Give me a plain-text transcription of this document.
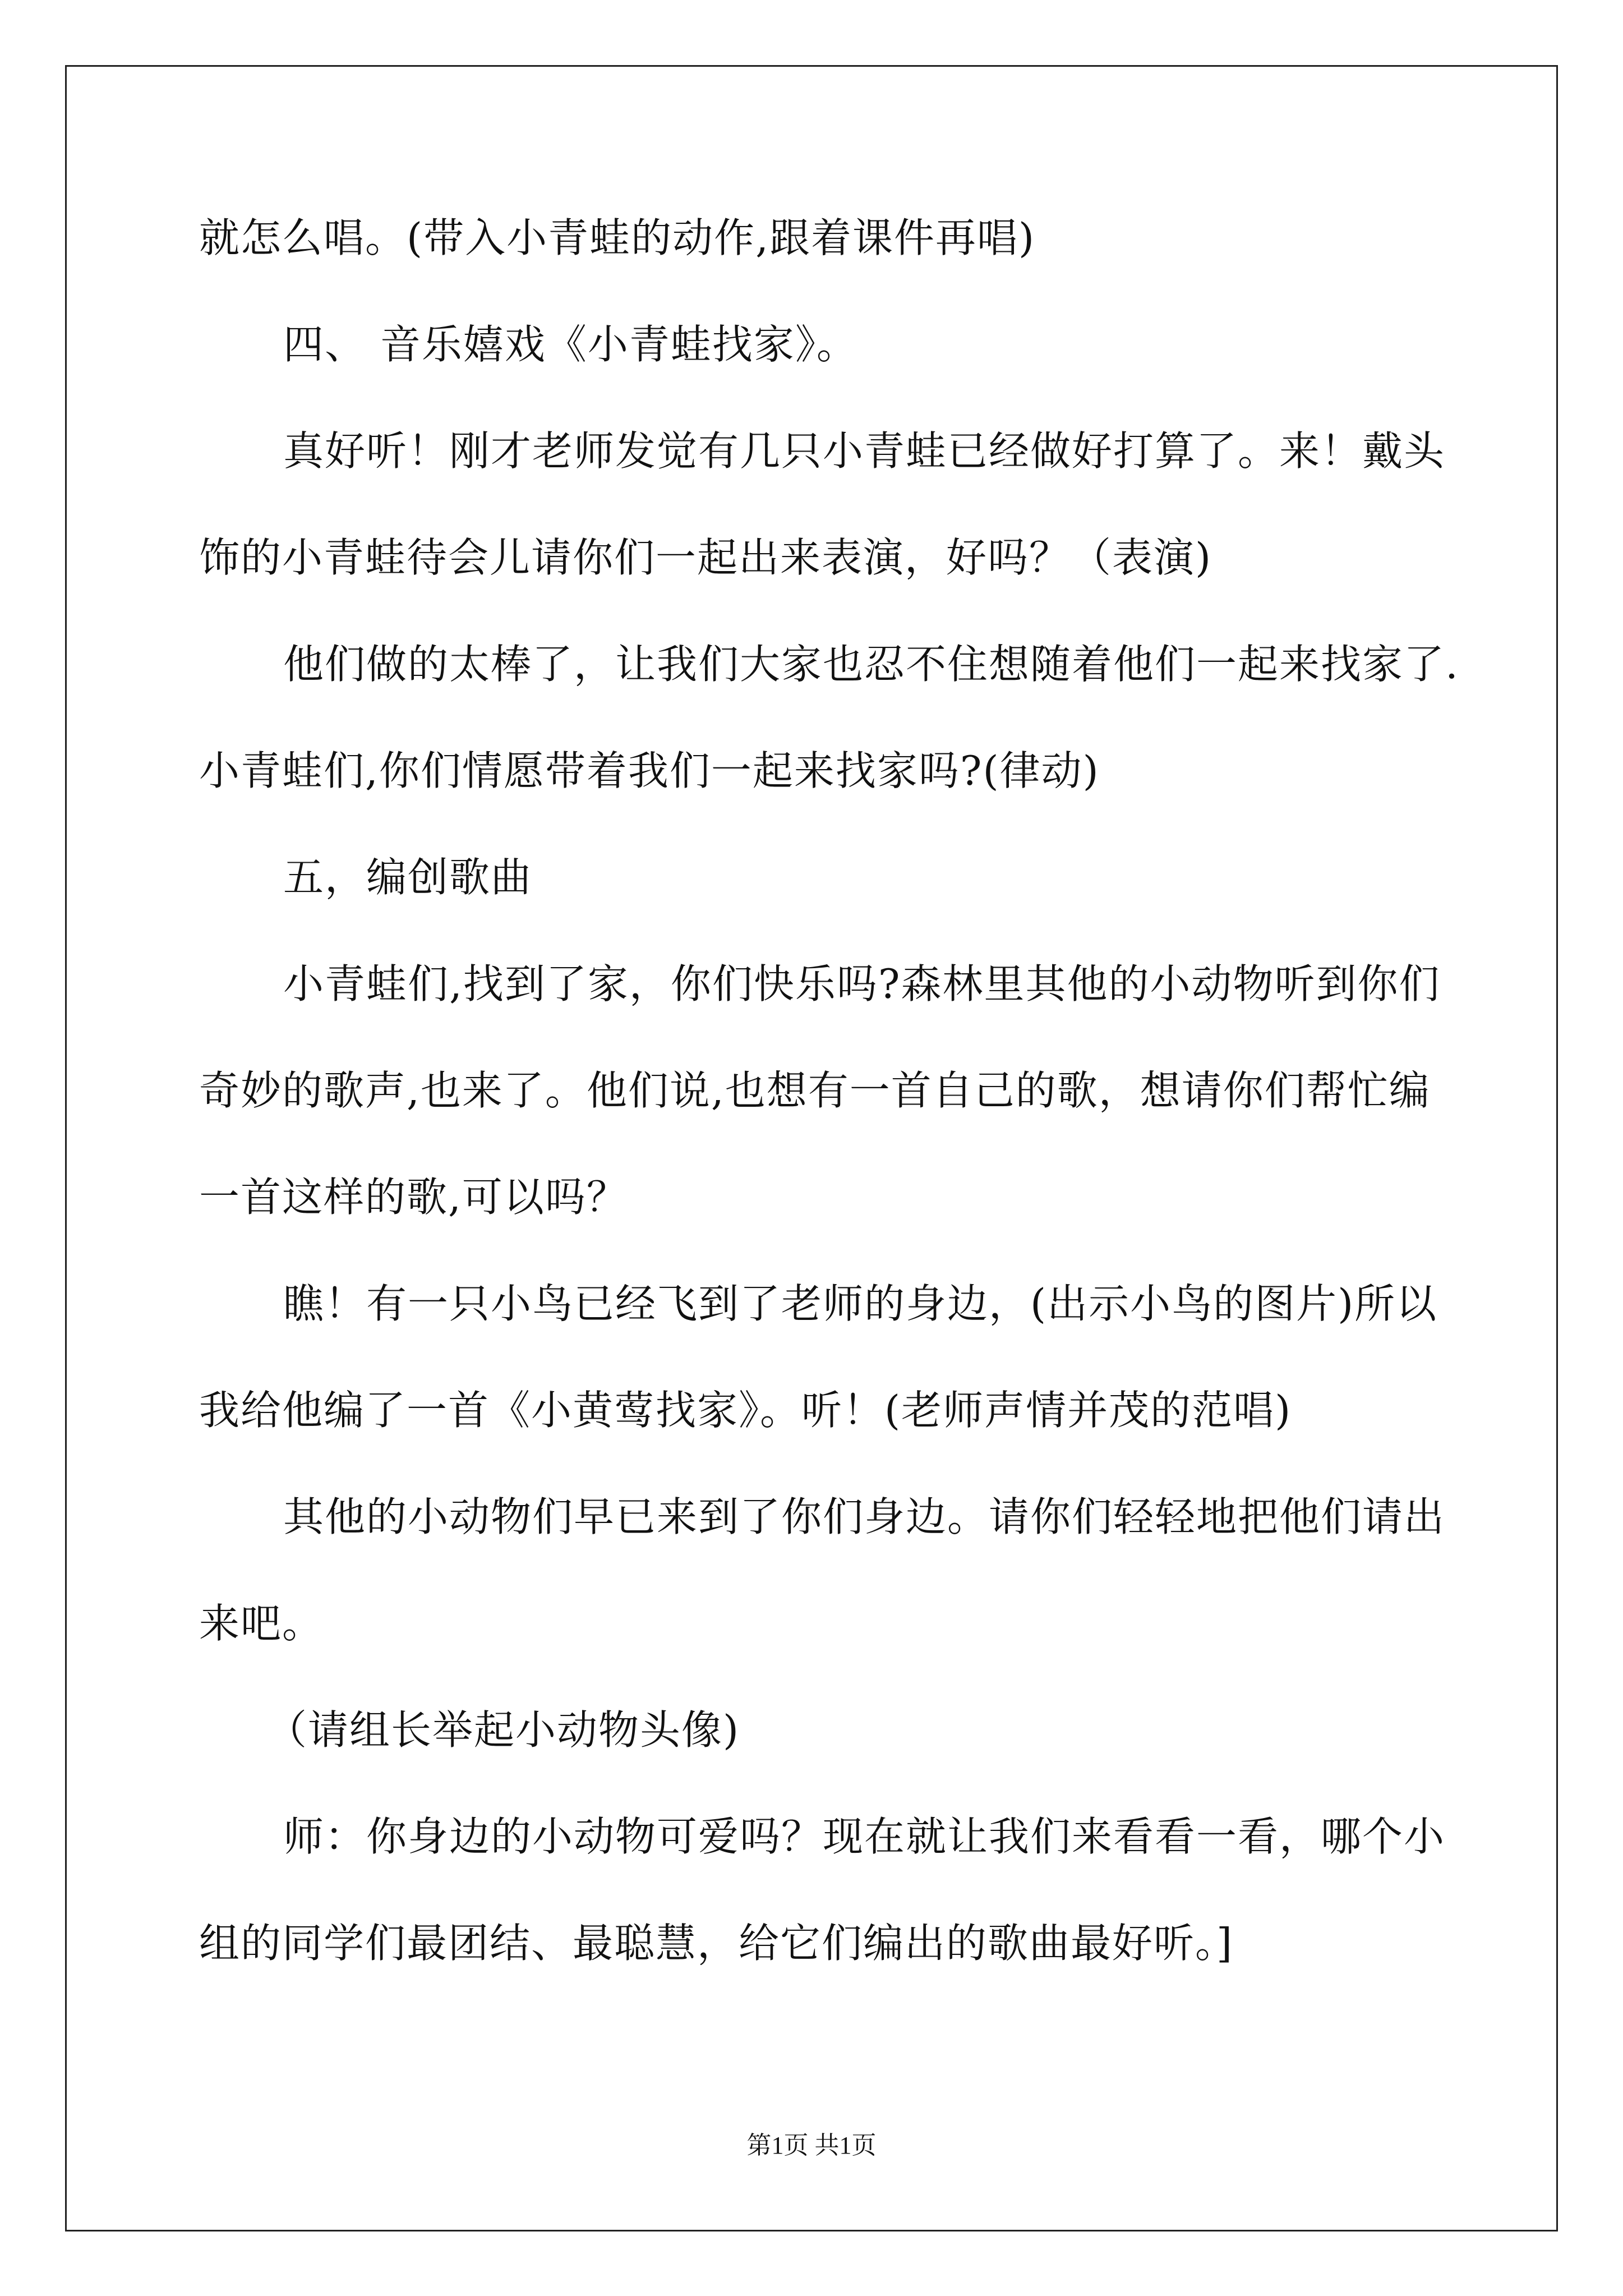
就怎么唱。(带入小青蛙的动作,跟着课件再唱)
四、 音乐嬉戏《小青蛙找家》。
真好听！刚才老师发觉有几只小青蛙已经做好打算了。来！戴头
饰的小青蛙待会儿请你们一起出来表演，好吗？（表演)
他们做的太棒了，让我们大家也忍不住想随着他们一起来找家了.
小青蛙们,你们情愿带着我们一起来找家吗?(律动)
五，编创歌曲
小青蛙们,找到了家，你们快乐吗?森林里其他的小动物听到你们
奇妙的歌声,也来了。他们说,也想有一首自己的歌，想请你们帮忙编
一首这样的歌,可以吗？
瞧！有一只小鸟已经飞到了老师的身边，(出示小鸟的图片)所以
我给他编了一首《小黄莺找家》。听！(老师声情并茂的范唱)
其他的小动物们早已来到了你们身边。请你们轻轻地把他们请出
来吧。
（请组长举起小动物头像)
师：你身边的小动物可爱吗？现在就让我们来看看一看，哪个小
组的同学们最团结、最聪慧，给它们编出的歌曲最好听。]
第1页 共1页
